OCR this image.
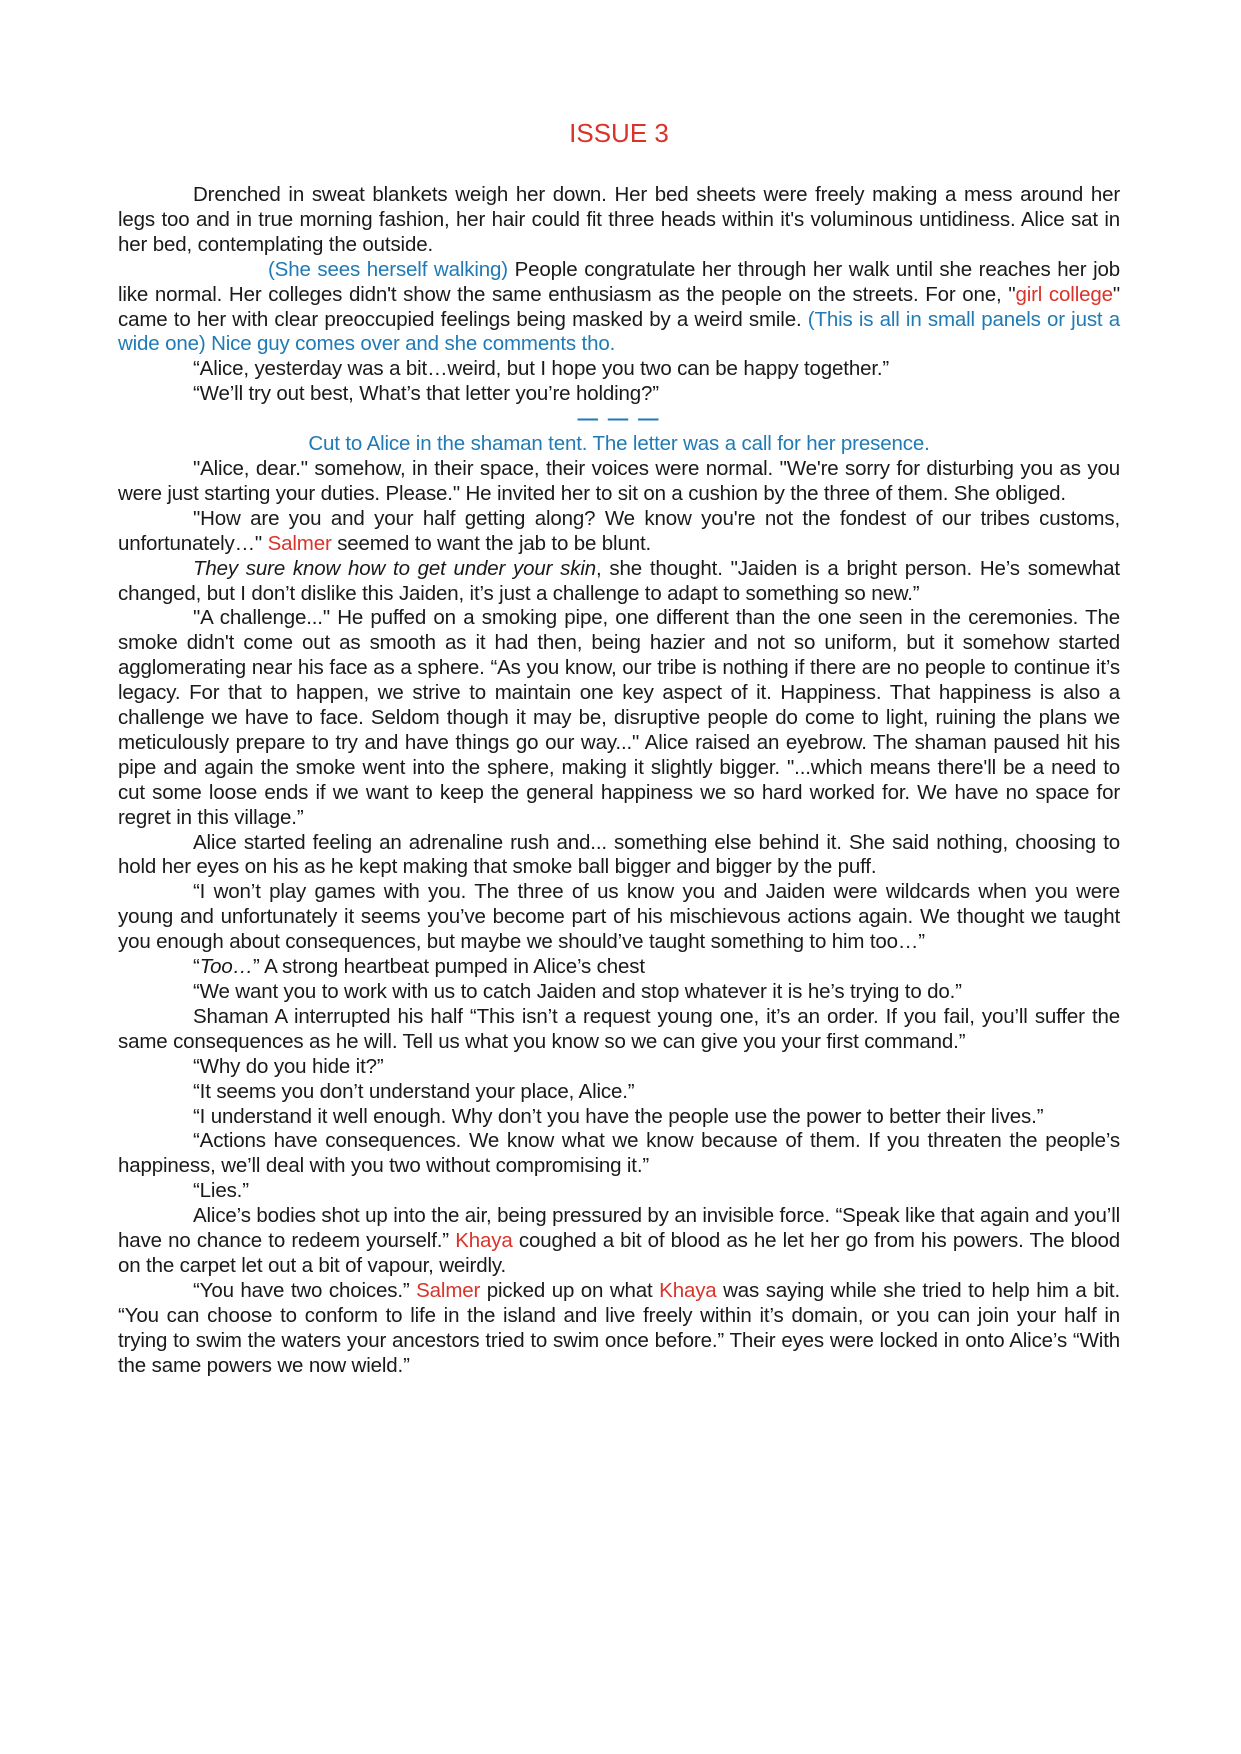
ISSUE 3

Drenched in sweat blankets weigh her down. Her bed sheets were freely making a mess around her legs too and in true morning fashion, her hair could fit three heads within it's voluminous untidiness. Alice sat in her bed, contemplating the outside.

(She sees herself walking) People congratulate her through her walk until she reaches her job like normal. Her colleges didn't show the same enthusiasm as the people on the streets. For one, "girl college" came to her with clear preoccupied feelings being masked by a weird smile. (This is all in small panels or just a wide one) Nice guy comes over and she comments tho.

“Alice, yesterday was a bit…weird, but I hope you two can be happy together.”

“We’ll try out best, What’s that letter you’re holding?”

— — —

Cut to Alice in the shaman tent. The letter was a call for her presence.

"Alice, dear." somehow, in their space, their voices were normal. "We're sorry for disturbing you as you were just starting your duties. Please." He invited her to sit on a cushion by the three of them. She obliged.

"How are you and your half getting along? We know you're not the fondest of our tribes customs, unfortunately…" Salmer seemed to want the jab to be blunt.

They sure know how to get under your skin, she thought. "Jaiden is a bright person. He’s somewhat changed, but I don’t dislike this Jaiden, it’s just a challenge to adapt to something so new.”

"A challenge..." He puffed on a smoking pipe, one different than the one seen in the ceremonies. The smoke didn't come out as smooth as it had then, being hazier and not so uniform, but it somehow started agglomerating near his face as a sphere. “As you know, our tribe is nothing if there are no people to continue it’s legacy. For that to happen, we strive to maintain one key aspect of it. Happiness. That happiness is also a challenge we have to face. Seldom though it may be, disruptive people do come to light, ruining the plans we meticulously prepare to try and have things go our way..." Alice raised an eyebrow. The shaman paused hit his pipe and again the smoke went into the sphere, making it slightly bigger. "...which means there'll be a need to cut some loose ends if we want to keep the general happiness we so hard worked for. We have no space for regret in this village.”

Alice started feeling an adrenaline rush and... something else behind it. She said nothing, choosing to hold her eyes on his as he kept making that smoke ball bigger and bigger by the puff.

“I won’t play games with you. The three of us know you and Jaiden were wildcards when you were young and unfortunately it seems you’ve become part of his mischievous actions again. We thought we taught you enough about consequences, but maybe we should’ve taught something to him too…”

“Too…” A strong heartbeat pumped in Alice’s chest

“We want you to work with us to catch Jaiden and stop whatever it is he’s trying to do.”

Shaman A interrupted his half “This isn’t a request young one, it’s an order. If you fail, you’ll suffer the same consequences as he will. Tell us what you know so we can give you your first command.”

“Why do you hide it?”

“It seems you don’t understand your place, Alice.”

“I understand it well enough. Why don’t you have the people use the power to better their lives.”

“Actions have consequences. We know what we know because of them. If you threaten the people’s happiness, we’ll deal with you two without compromising it.”

“Lies.”

Alice’s bodies shot up into the air, being pressured by an invisible force. “Speak like that again and you’ll have no chance to redeem yourself.” Khaya coughed a bit of blood as he let her go from his powers. The blood on the carpet let out a bit of vapour, weirdly.

“You have two choices.” Salmer picked up on what Khaya was saying while she tried to help him a bit. “You can choose to conform to life in the island and live freely within it’s domain, or you can join your half in trying to swim the waters your ancestors tried to swim once before.” Their eyes were locked in onto Alice’s “With the same powers we now wield.”
